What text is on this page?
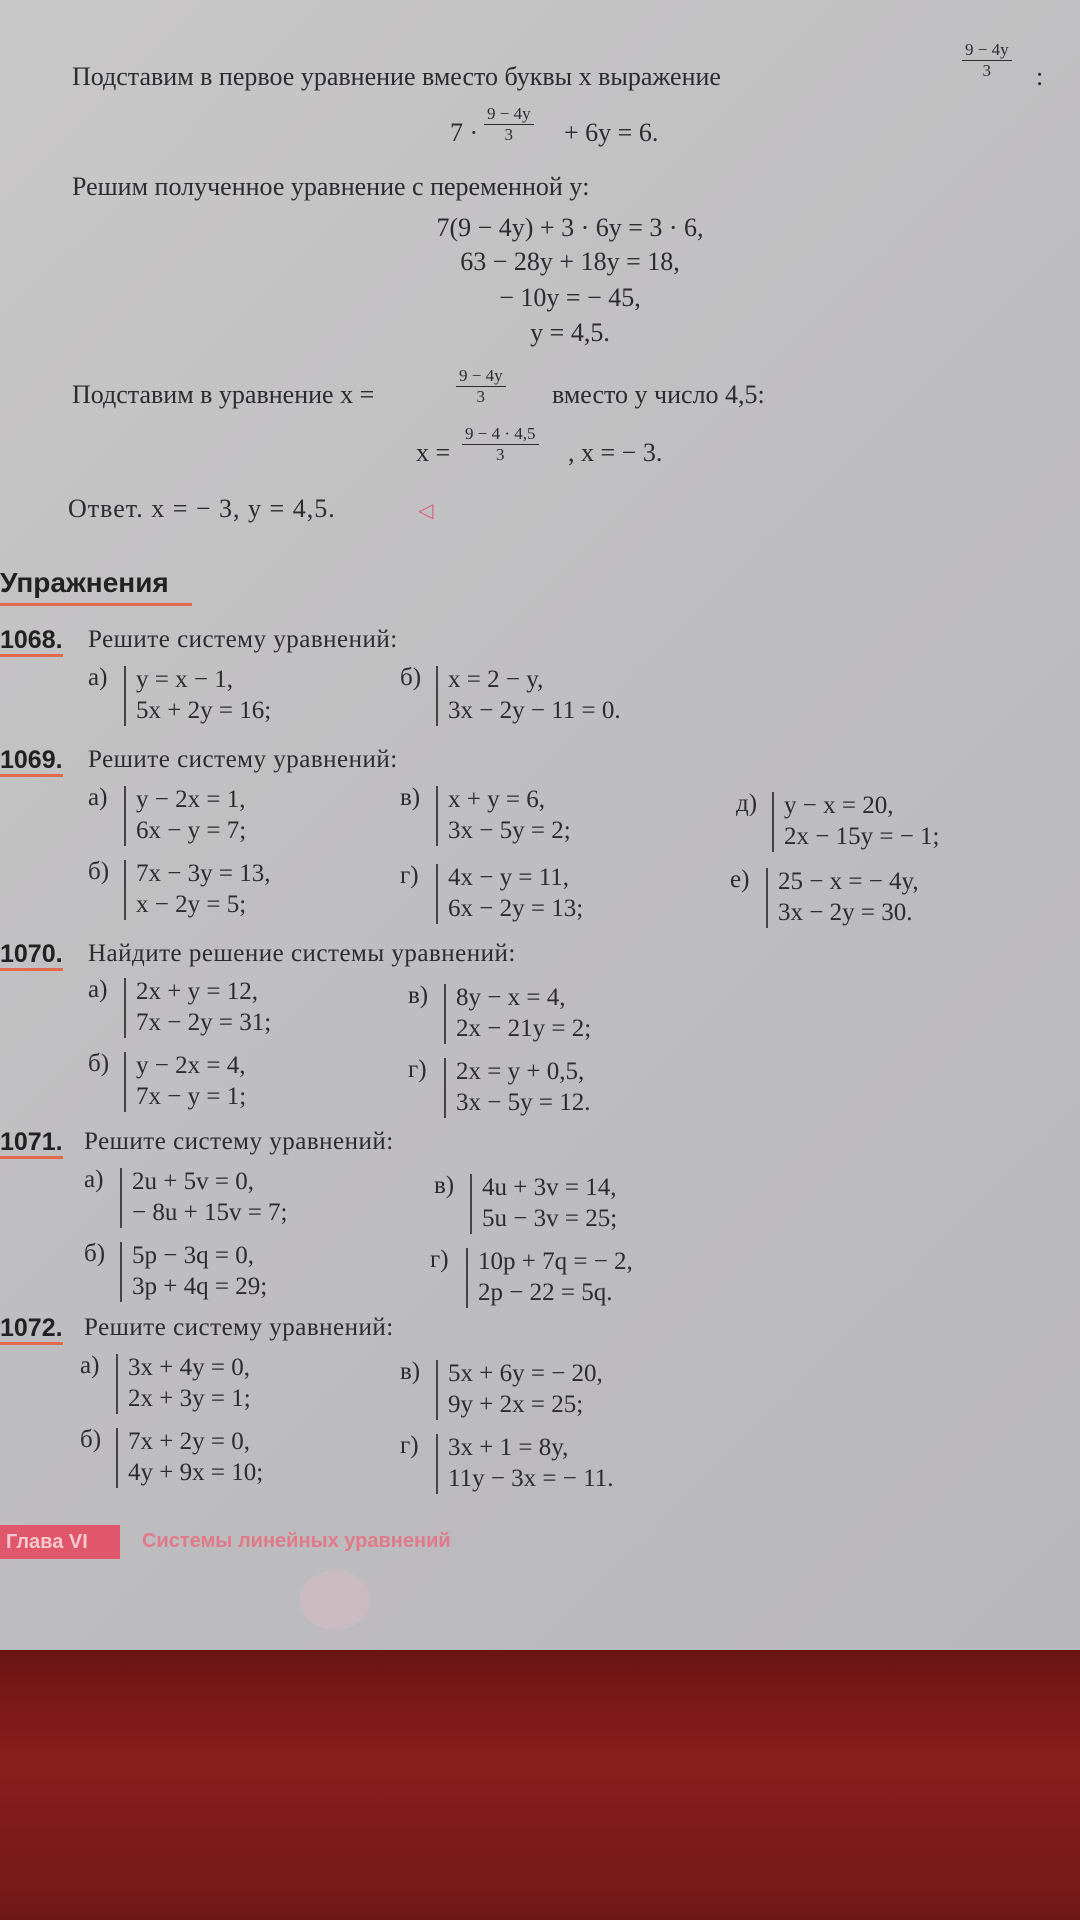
Подставим в первое уравнение вместо буквы x выражение	$\frac{9 - 4y}{3}$ :
$7 \cdot \frac{9 - 4y}{3} + 6y = 6$.
Решим полученное уравнение с переменной y:
7(9 − 4y) + 3 · 6y = 3 · 6,
63 − 28y + 18y = 18,
− 10y = − 45,
y = 4,5.
Подставим в уравнение x =	$\frac{9 - 4y}{3}$ вместо y число 4,5:
$x = \frac{9 - 4 \cdot 4,5}{3}$ , x = − 3.
Ответ. x = − 3, y = 4,5.	◁
Упражнения
1068. Решите систему уравнений:
а)	y = x − 1,
5x + 2y = 16;
б)	x = 2 − y,
3x − 2y − 11 = 0.
1069. Решите систему уравнений:
а)	y − 2x = 1,
6x − y = 7;
в)	x + y = 6,
3x − 5y = 2;
д)	y − x = 20,
2x − 15y = − 1;
б)	7x − 3y = 13,
x − 2y = 5;
г)	4x − y = 11,
6x − 2y = 13;
е)	25 − x = − 4y,
3x − 2y = 30.
1070. Найдите решение системы уравнений:
а)	2x + y = 12,
7x − 2y = 31;
в)	8y − x = 4,
2x − 21y = 2;
б)	y − 2x = 4,
7x − y = 1;
г)	2x = y + 0,5,
3x − 5y = 12.
1071. Решите систему уравнений:
а)	2u + 5v = 0,
− 8u + 15v = 7;
в)	4u + 3v = 14,
5u − 3v = 25;
б)	5p − 3q = 0,
3p + 4q = 29;
г)	10p + 7q = − 2,
2p − 22 = 5q.
1072. Решите систему уравнений:
а)	3x + 4y = 0,
2x + 3y = 1;
в)	5x + 6y = − 20,
9y + 2x = 25;
б)	7x + 2y = 0,
4y + 9x = 10;
г)	3x + 1 = 8y,
11y − 3x = − 11.
Глава VI	Системы линейных уравнений
